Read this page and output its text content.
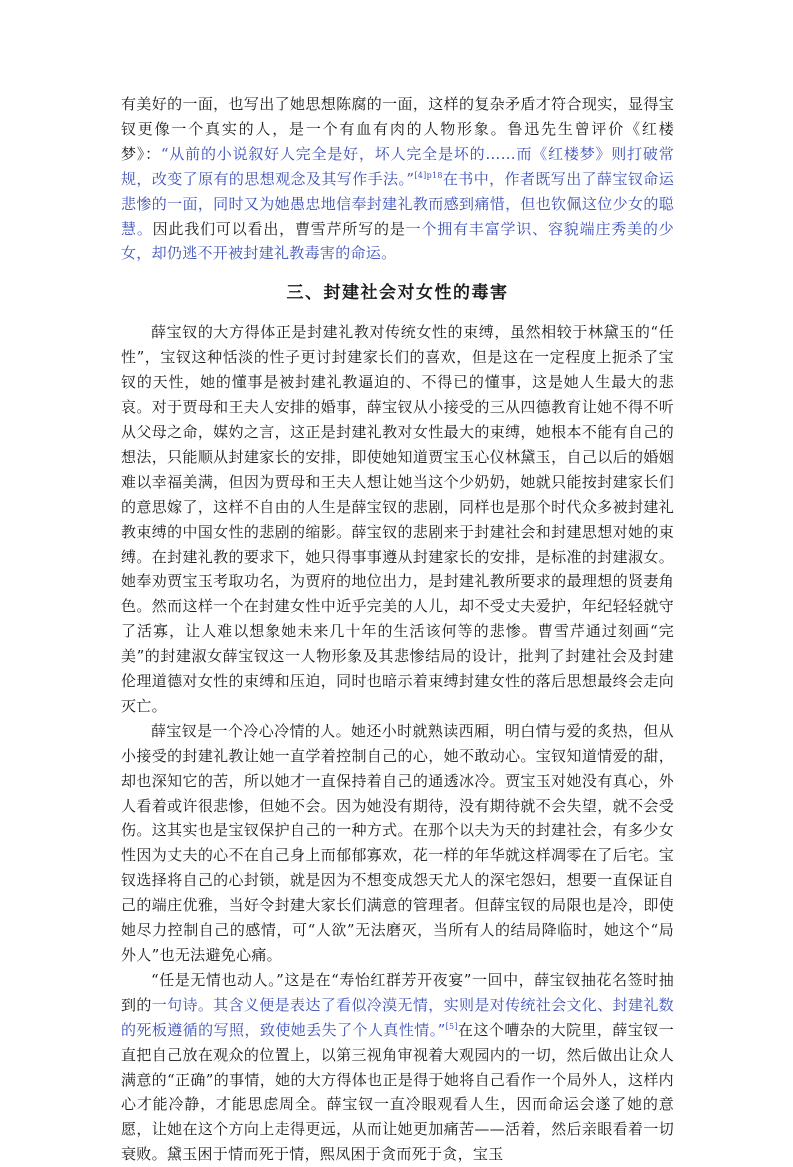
有美好的一面，也写出了她思想陈腐的一面，这样的复杂矛盾才符合现实，显得宝钗更像一个真实的人，是一个有血有肉的人物形象。鲁迅先生曾评价《红楼梦》：“从前的小说叙好人完全是好，坏人完全是坏的……而《红楼梦》则打破常规，改变了原有的思想观念及其写作手法。”$^{[4]p18}$在书中，作者既写出了薛宝钗命运悲惨的一面，同时又为她愚忠地信奉封建礼教而感到痛惜，但也钦佩这位少女的聪慧。因此我们可以看出，曹雪芹所写的是一个拥有丰富学识、容貌端庄秀美的少女，却仍逃不开被封建礼教毒害的命运。

三、封建社会对女性的毒害

薛宝钗的大方得体正是封建礼教对传统女性的束缚，虽然相较于林黛玉的“任性”，宝钗这种恬淡的性子更讨封建家长们的喜欢，但是这在一定程度上扼杀了宝钗的天性，她的懂事是被封建礼教逼迫的、不得已的懂事，这是她人生最大的悲哀。对于贾母和王夫人安排的婚事，薛宝钗从小接受的三从四德教育让她不得不听从父母之命，媒妁之言，这正是封建礼教对女性最大的束缚，她根本不能有自己的想法，只能顺从封建家长的安排，即使她知道贾宝玉心仪林黛玉，自己以后的婚姻难以幸福美满，但因为贾母和王夫人想让她当这个少奶奶，她就只能按封建家长们的意思嫁了，这样不自由的人生是薛宝钗的悲剧，同样也是那个时代众多被封建礼教束缚的中国女性的悲剧的缩影。薛宝钗的悲剧来于封建社会和封建思想对她的束缚。在封建礼教的要求下，她只得事事遵从封建家长的安排，是标准的封建淑女。她奉劝贾宝玉考取功名，为贾府的地位出力，是封建礼教所要求的最理想的贤妻角色。然而这样一个在封建女性中近乎完美的人儿，却不受丈夫爱护，年纪轻轻就守了活寡，让人难以想象她未来几十年的生活该何等的悲惨。曹雪芹通过刻画“完美”的封建淑女薛宝钗这一人物形象及其悲惨结局的设计，批判了封建社会及封建伦理道德对女性的束缚和压迫，同时也暗示着束缚封建女性的落后思想最终会走向灭亡。

薛宝钗是一个冷心冷情的人。她还小时就熟读西厢，明白情与爱的炙热，但从小接受的封建礼教让她一直学着控制自己的心，她不敢动心。宝钗知道情爱的甜，却也深知它的苦，所以她才一直保持着自己的通透冰冷。贾宝玉对她没有真心，外人看着或许很悲惨，但她不会。因为她没有期待，没有期待就不会失望，就不会受伤。这其实也是宝钗保护自己的一种方式。在那个以夫为天的封建社会，有多少女性因为丈夫的心不在自己身上而郁郁寡欢，花一样的年华就这样凋零在了后宅。宝钗选择将自己的心封锁，就是因为不想变成怨天尤人的深宅怨妇，想要一直保证自己的端庄优雅，当好令封建大家长们满意的管理者。但薛宝钗的局限也是冷，即使她尽力控制自己的感情，可“人欲”无法磨灭，当所有人的结局降临时，她这个“局外人”也无法避免心痛。

“任是无情也动人。”这是在“寿怡红群芳开夜宴”一回中，薛宝钗抽花名签时抽到的一句诗。其含义便是表达了看似冷漠无情，实则是对传统社会文化、封建礼数的死板遵循的写照，致使她丢失了个人真性情。”[5]在这个嘈杂的大院里，薛宝钗一直把自己放在观众的位置上，以第三视角审视着大观园内的一切，然后做出让众人满意的“正确”的事情，她的大方得体也正是得于她将自己看作一个局外人，这样内心才能冷静，才能思虑周全。薛宝钗一直冷眼观看人生，因而命运会遂了她的意愿，让她在这个方向上走得更远，从而让她更加痛苦——活着，然后亲眼看着一切衰败。黛玉困于情而死于情，熙凤困于贪而死于贪，宝玉
